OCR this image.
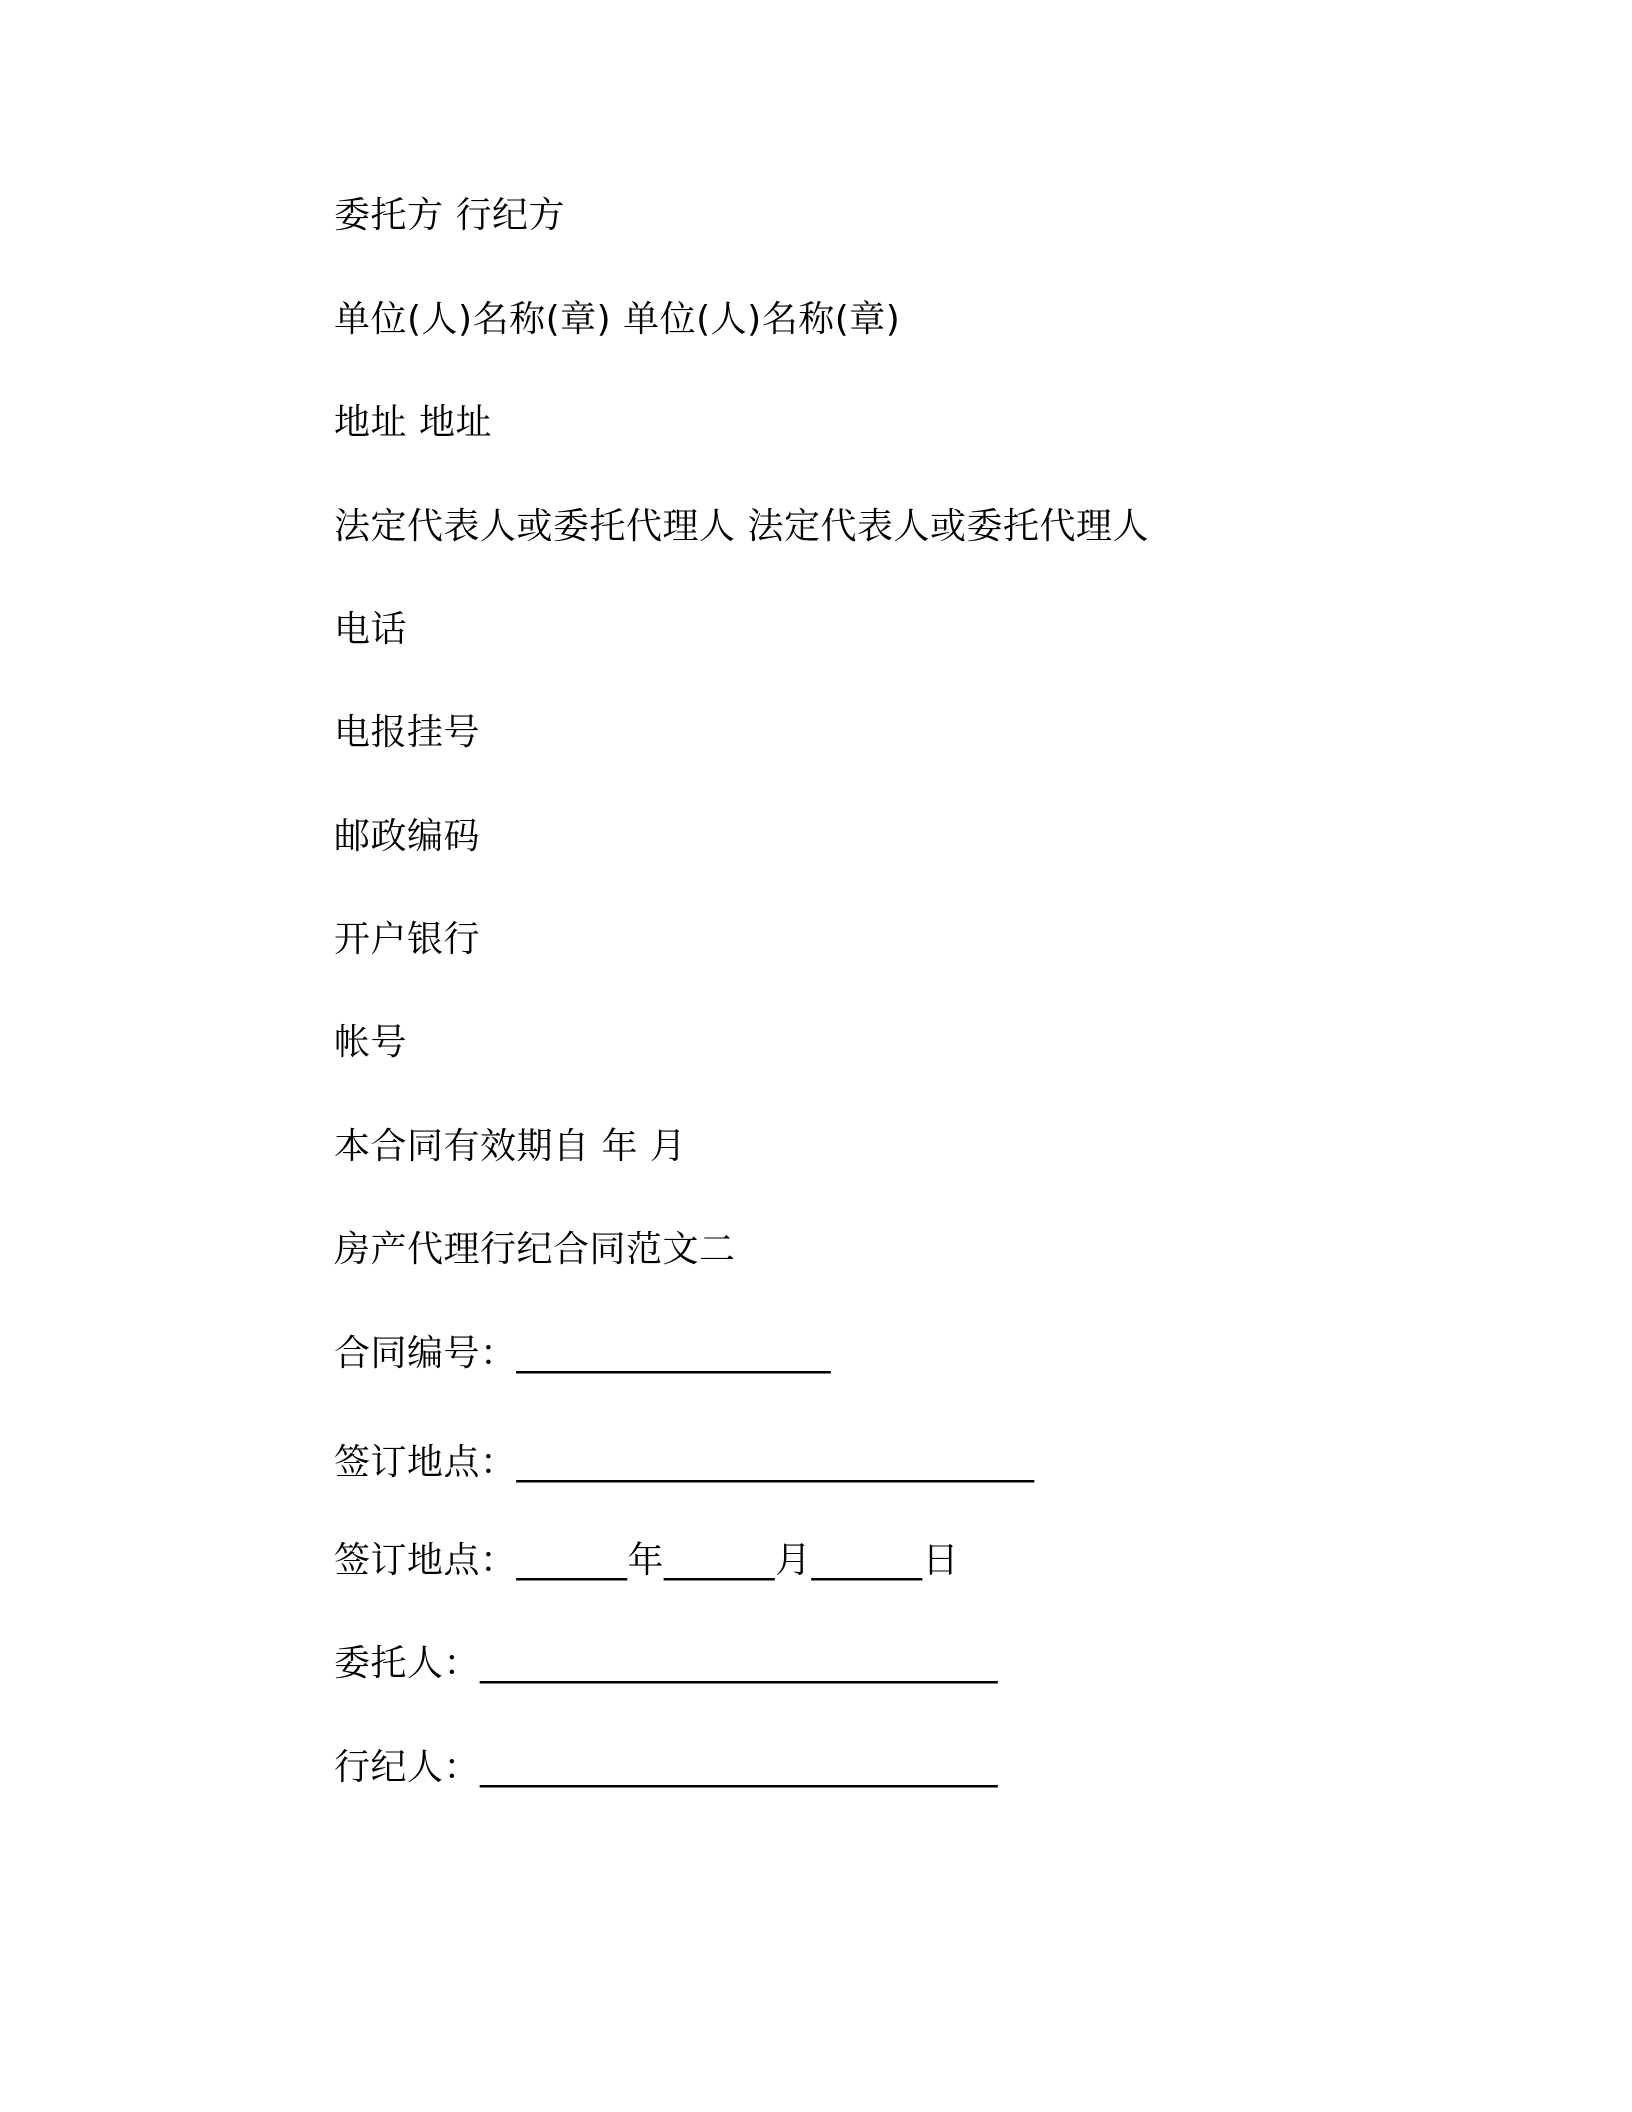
委托方 行纪方
单位(人)名称(章) 单位(人)名称(章)
地址 地址
法定代表人或委托代理人 法定代表人或委托代理人
电话
电报挂号
邮政编码
开户银行
帐号
本合同有效期自 年 月
房产代理行纪合同范文二
合同编号：_________________
签订地点：____________________________
签订地点：______年______月______日
委托人：____________________________
行纪人：____________________________
